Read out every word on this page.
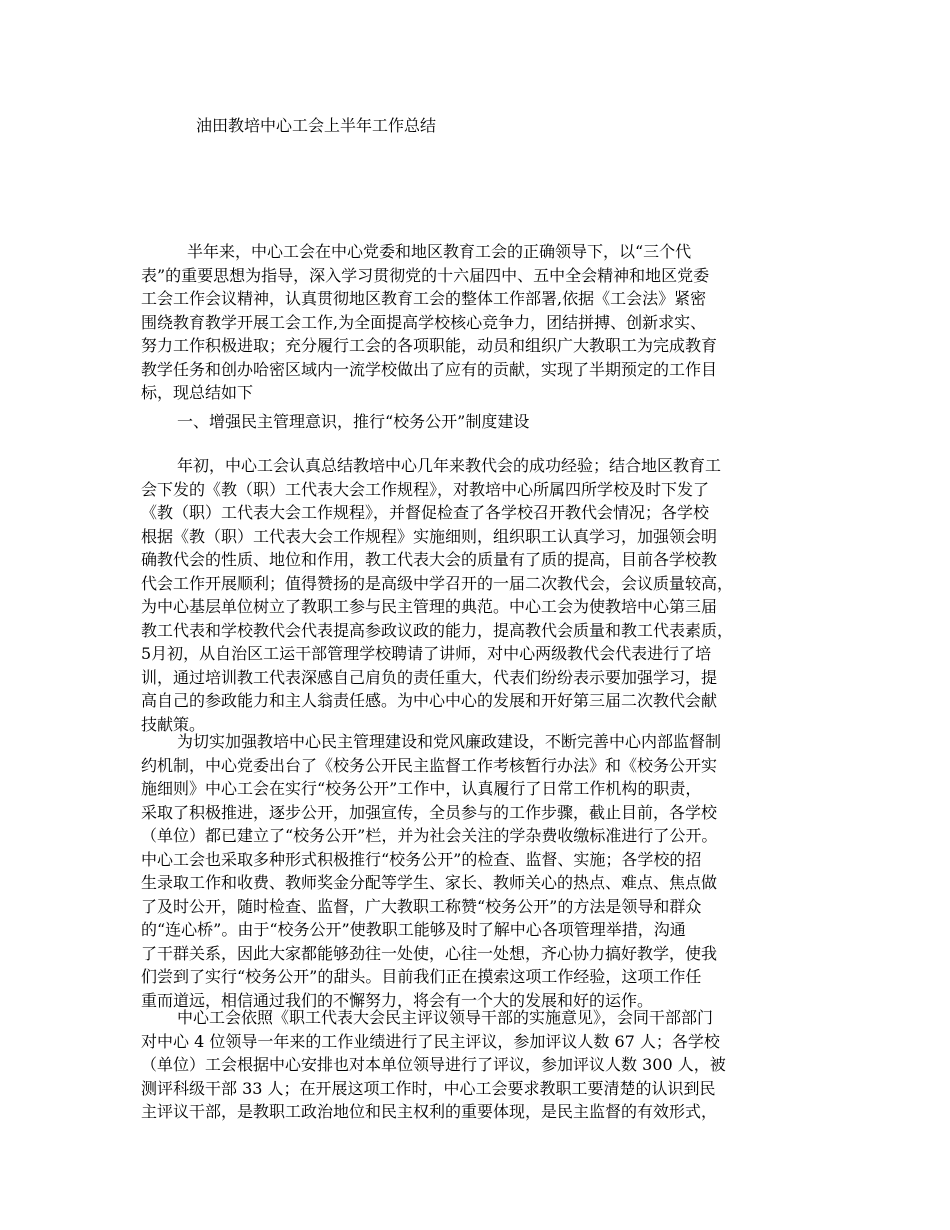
油田教培中心工会上半年工作总结
半年来，中心工会在中心党委和地区教育工会的正确领导下，以“三个代
表”的重要思想为指导，深入学习贯彻党的十六届四中、五中全会精神和地区党委
工会工作会议精神，认真贯彻地区教育工会的整体工作部署,依据《工会法》紧密
围绕教育教学开展工会工作,为全面提高学校核心竞争力，团结拼搏、创新求实、
努力工作积极进取；充分履行工会的各项职能，动员和组织广大教职工为完成教育
教学任务和创办哈密区域内一流学校做出了应有的贡献，实现了半期预定的工作目
标，现总结如下
一、增强民主管理意识，推行“校务公开”制度建设
年初，中心工会认真总结教培中心几年来教代会的成功经验；结合地区教育工
会下发的《教（职）工代表大会工作规程》，对教培中心所属四所学校及时下发了
《教（职）工代表大会工作规程》，并督促检查了各学校召开教代会情况；各学校
根据《教（职）工代表大会工作规程》实施细则，组织职工认真学习，加强领会明
确教代会的性质、地位和作用，教工代表大会的质量有了质的提高，目前各学校教
代会工作开展顺利；值得赞扬的是高级中学召开的一届二次教代会，会议质量较高，
为中心基层单位树立了教职工参与民主管理的典范。中心工会为使教培中心第三届
教工代表和学校教代会代表提高参政议政的能力，提高教代会质量和教工代表素质，
5月初，从自治区工运干部管理学校聘请了讲师，对中心两级教代会代表进行了培
训，通过培训教工代表深感自己肩负的责任重大，代表们纷纷表示要加强学习，提
高自己的参政能力和主人翁责任感。为中心中心的发展和开好第三届二次教代会献
技献策。
为切实加强教培中心民主管理建设和党风廉政建设，不断完善中心内部监督制
约机制，中心党委出台了《校务公开民主监督工作考核暂行办法》和《校务公开实
施细则》中心工会在实行“校务公开”工作中，认真履行了日常工作机构的职责，
采取了积极推进，逐步公开，加强宣传，全员参与的工作步骤，截止目前，各学校
（单位）都已建立了“校务公开”栏，并为社会关注的学杂费收缴标准进行了公开。
中心工会也采取多种形式积极推行“校务公开”的检查、监督、实施；各学校的招
生录取工作和收费、教师奖金分配等学生、家长、教师关心的热点、难点、焦点做
了及时公开，随时检查、监督，广大教职工称赞“校务公开”的方法是领导和群众
的“连心桥”。由于“校务公开”使教职工能够及时了解中心各项管理举措，沟通
了干群关系，因此大家都能够劲往一处使，心往一处想，齐心协力搞好教学，使我
们尝到了实行“校务公开”的甜头。目前我们正在摸索这项工作经验，这项工作任
重而道远，相信通过我们的不懈努力，将会有一个大的发展和好的运作。
中心工会依照《职工代表大会民主评议领导干部的实施意见》，会同干部部门
对中心 4 位领导一年来的工作业绩进行了民主评议，参加评议人数 67 人；各学校
（单位）工会根据中心安排也对本单位领导进行了评议，参加评议人数 300 人，被
测评科级干部 33 人；在开展这项工作时，中心工会要求教职工要清楚的认识到民
主评议干部，是教职工政治地位和民主权利的重要体现，是民主监督的有效形式，
